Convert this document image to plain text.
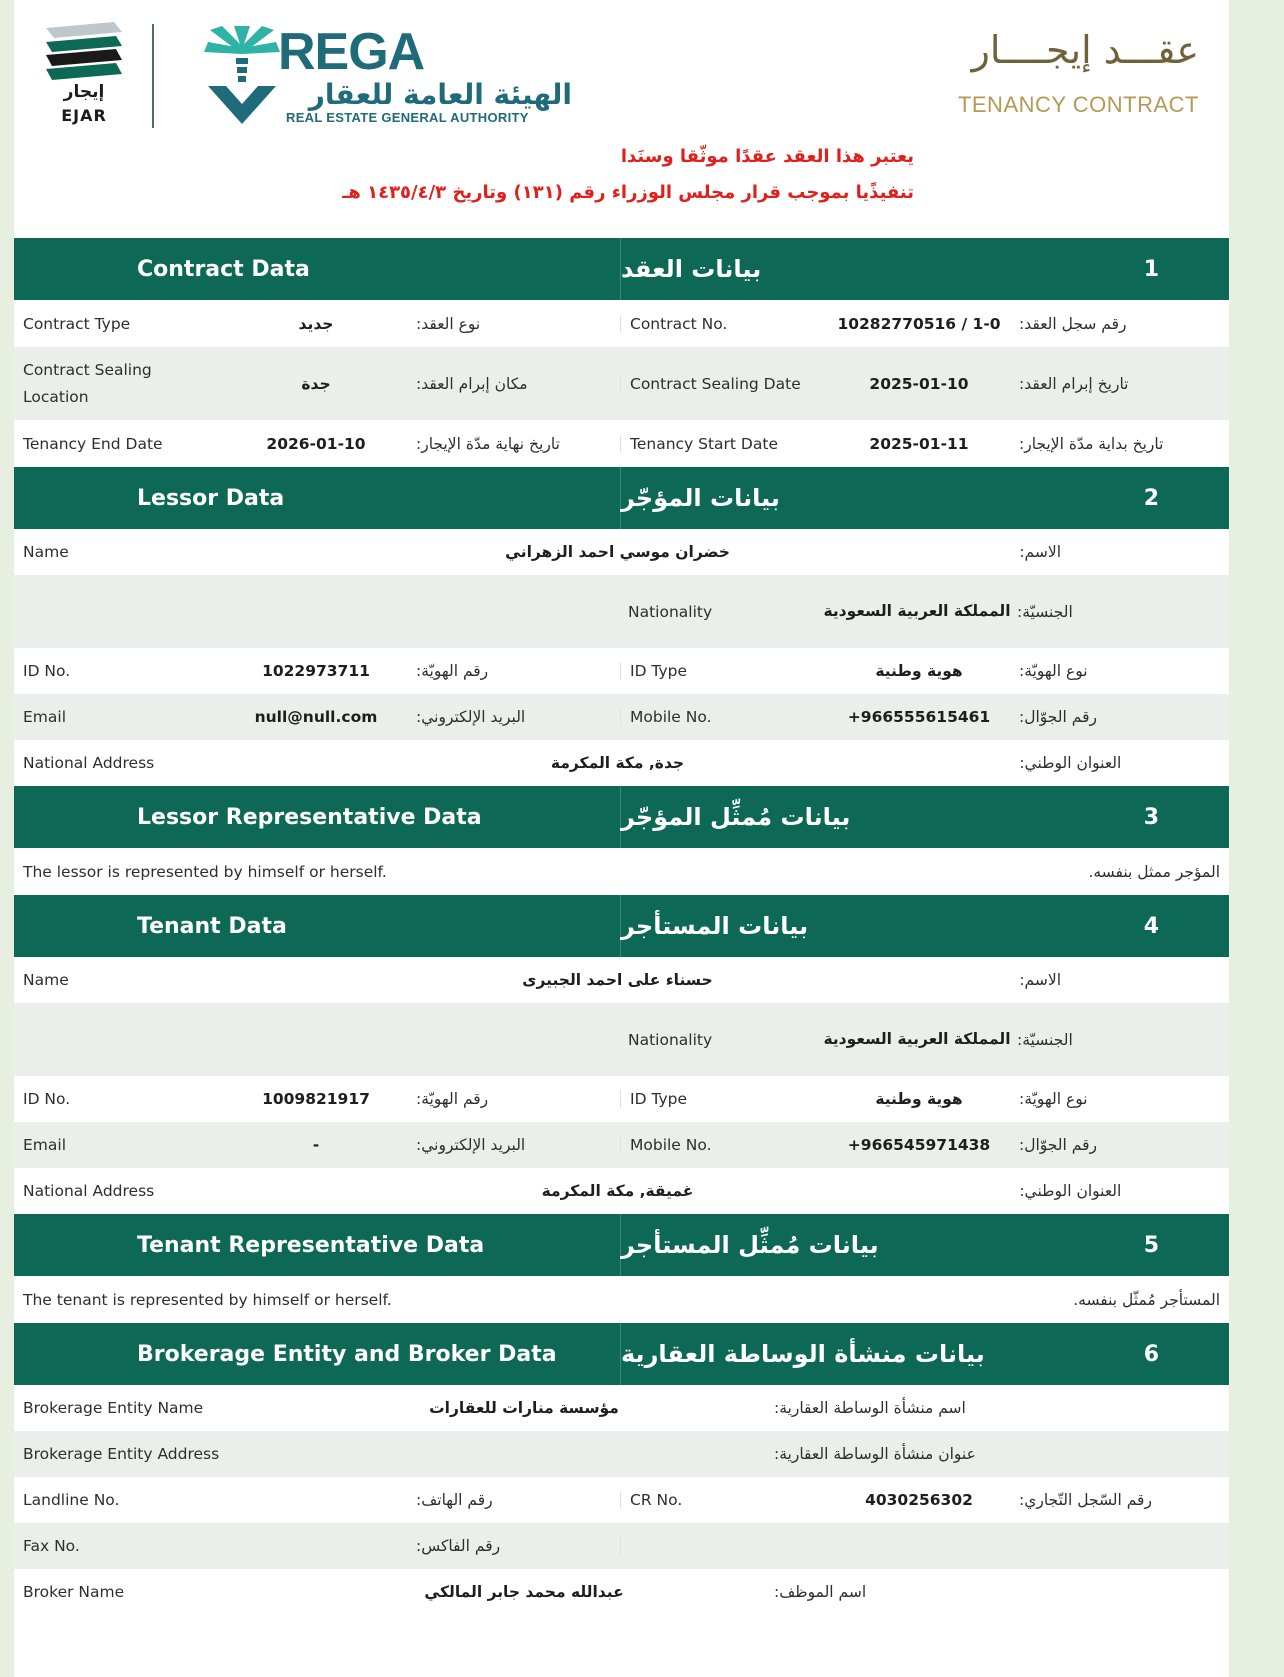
إيجار
EJAR
REGA
الهيئة العامة للعقار
REAL ESTATE GENERAL AUTHORITY
عقـــد إيجــــار
TENANCY CONTRACT
يعتبر هذا العقد عقدًا موثّقا وسنَدا
تنفيذًيا بموجب قرار مجلس الوزراء رقم (١٣١) وتاريخ ١٤٣٥/٤/٣ هـ
Contract Data	بيانات العقد	1
Contract Type	جديد	نوع العقد:	Contract No.	10282770516 / 1-0	رقم سجل العقد:
Contract Sealing Location
جدة	مكان إبرام العقد:	Contract Sealing Date	2025-01-10	تاريخ إبرام العقد:
Tenancy End Date	2026-01-10	تاريخ نهاية مدّة الإيجار:	Tenancy Start Date	2025-01-11	تاريخ بداية مدّة الإيجار:
Lessor Data	بيانات المؤجّر	2
Name	خضران موسي احمد الزهراني	الاسم:
Nationality	المملكة العربية السعودية الجنسيّة:
ID No.	1022973711	رقم الهويّة:	ID Type	هوية وطنية	نوع الهويّة:
Email	null@null.com	البريد الإلكتروني:	Mobile No.	+966555615461	رقم الجوّال:
National Address	جدة, مكة المكرمة	العنوان الوطني:
Lessor Representative Data	بيانات مُمثِّل المؤجّر	3
The lessor is represented by himself or herself.	المؤجر ممثل بنفسه.
Tenant Data	بيانات المستأجر	4
Name	حسناء على احمد الجبيرى	الاسم:
Nationality	المملكة العربية السعودية الجنسيّة:
ID No.	1009821917	رقم الهويّة:	ID Type	هوية وطنية	نوع الهويّة:
Email	-	البريد الإلكتروني:	Mobile No.	+966545971438	رقم الجوّال:
National Address	غميقة, مكة المكرمة	العنوان الوطني:
Tenant Representative Data	بيانات مُمثِّل المستأجر	5
The tenant is represented by himself or herself.	المستأجر مُمثّل بنفسه.
Brokerage Entity and Broker Data	بيانات منشأة الوساطة العقارية	6
Brokerage Entity Name	مؤسسة منارات للعقارات	اسم منشأة الوساطة العقارية:
Brokerage Entity Address	عنوان منشأة الوساطة العقارية:
Landline No.	رقم الهاتف:	CR No.	4030256302	رقم السّجل التّجاري:
Fax No.	رقم الفاكس:
Broker Name	عبدالله محمد جابر المالكي	اسم الموظف:
